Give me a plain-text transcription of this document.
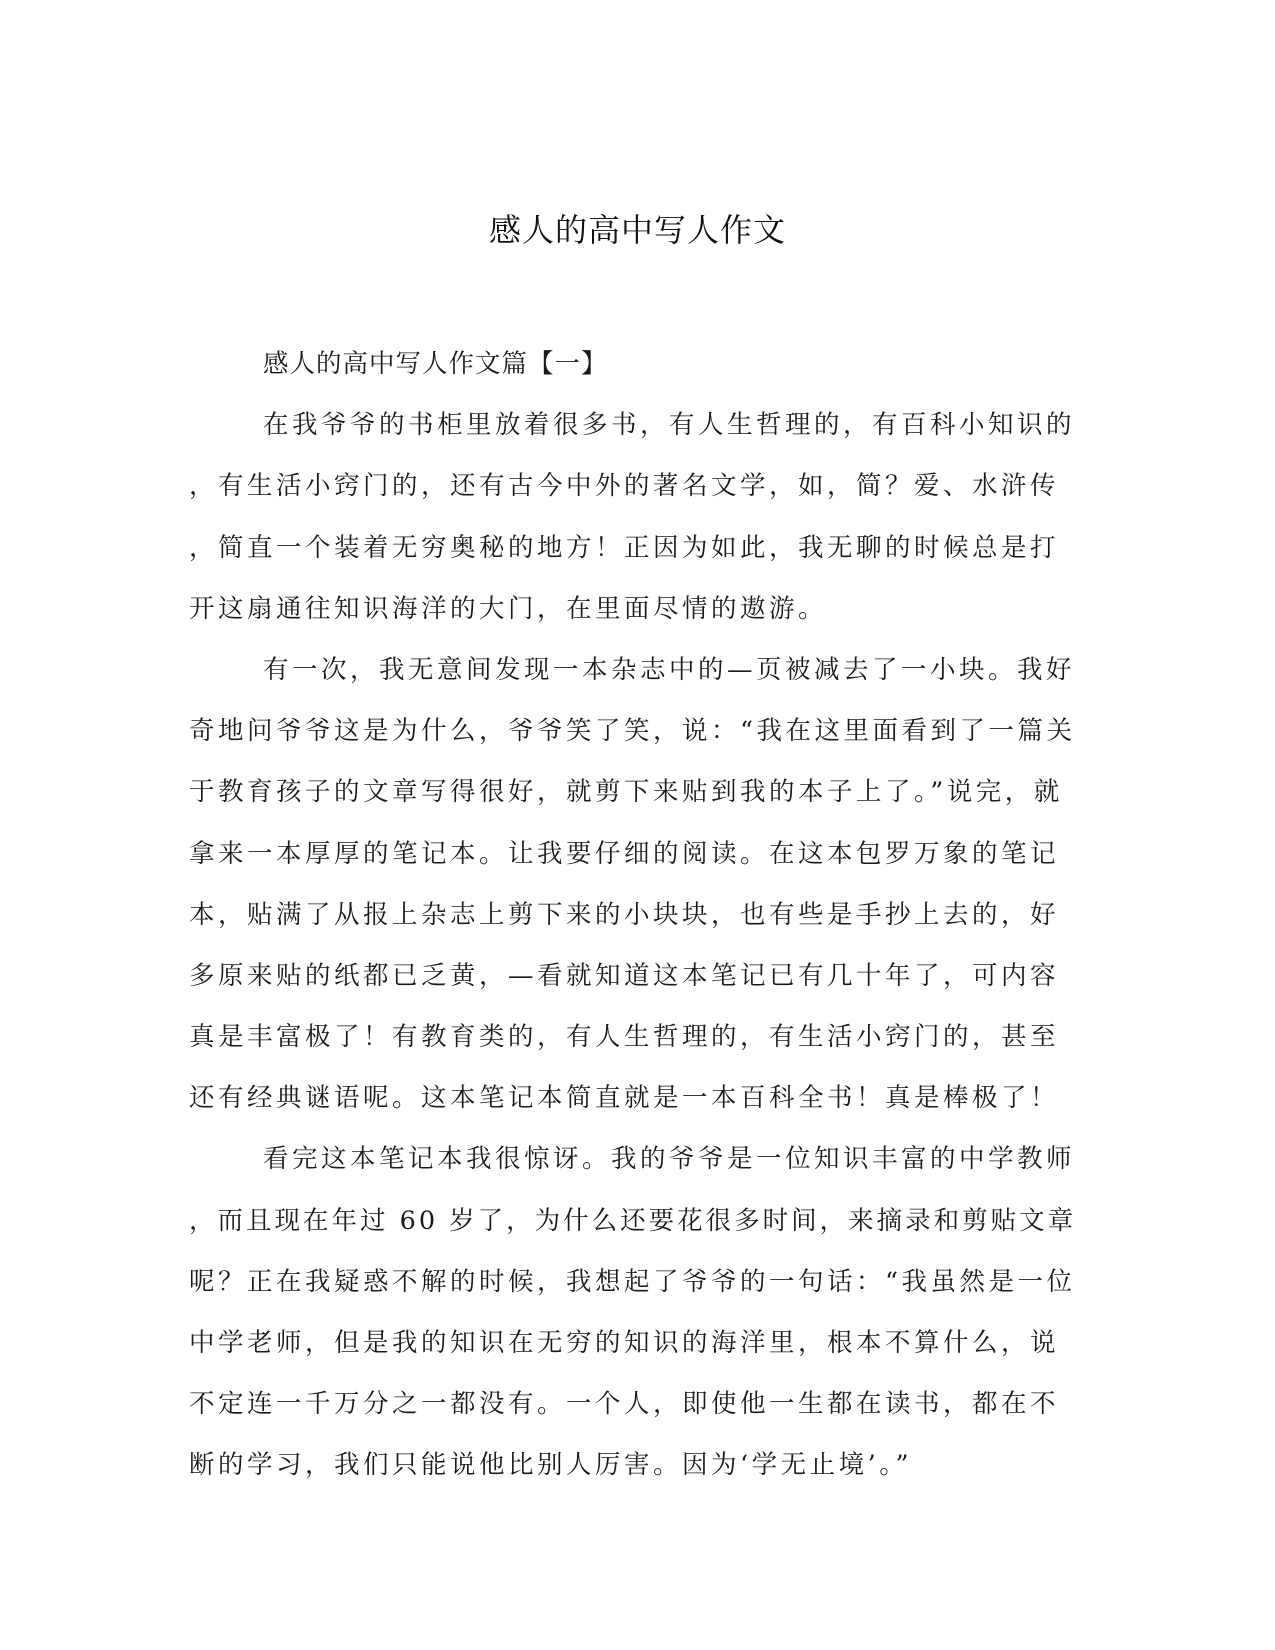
感人的高中写人作文
感人的高中写人作文篇【一】
在我爷爷的书柜里放着很多书，有人生哲理的，有百科小知识的
，有生活小窍门的，还有古今中外的著名文学，如，简？爱、水浒传
，简直一个装着无穷奥秘的地方！正因为如此，我无聊的时候总是打
开这扇通往知识海洋的大门，在里面尽情的遨游。
有一次，我无意间发现一本杂志中的—页被减去了一小块。我好
奇地问爷爷这是为什么，爷爷笑了笑，说：“我在这里面看到了一篇关
于教育孩子的文章写得很好，就剪下来贴到我的本子上了。”说完，就
拿来一本厚厚的笔记本。让我要仔细的阅读。在这本包罗万象的笔记
本，贴满了从报上杂志上剪下来的小块块，也有些是手抄上去的，好
多原来贴的纸都已乏黄，—看就知道这本笔记已有几十年了，可内容
真是丰富极了！有教育类的，有人生哲理的，有生活小窍门的，甚至
还有经典谜语呢。这本笔记本简直就是一本百科全书！真是棒极了！
看完这本笔记本我很惊讶。我的爷爷是一位知识丰富的中学教师
，而且现在年过 60 岁了，为什么还要花很多时间，来摘录和剪贴文章
呢？正在我疑惑不解的时候，我想起了爷爷的一句话：“我虽然是一位
中学老师，但是我的知识在无穷的知识的海洋里，根本不算什么，说
不定连一千万分之一都没有。一个人，即使他一生都在读书，都在不
断的学习，我们只能说他比别人厉害。因为‘学无止境’。”
